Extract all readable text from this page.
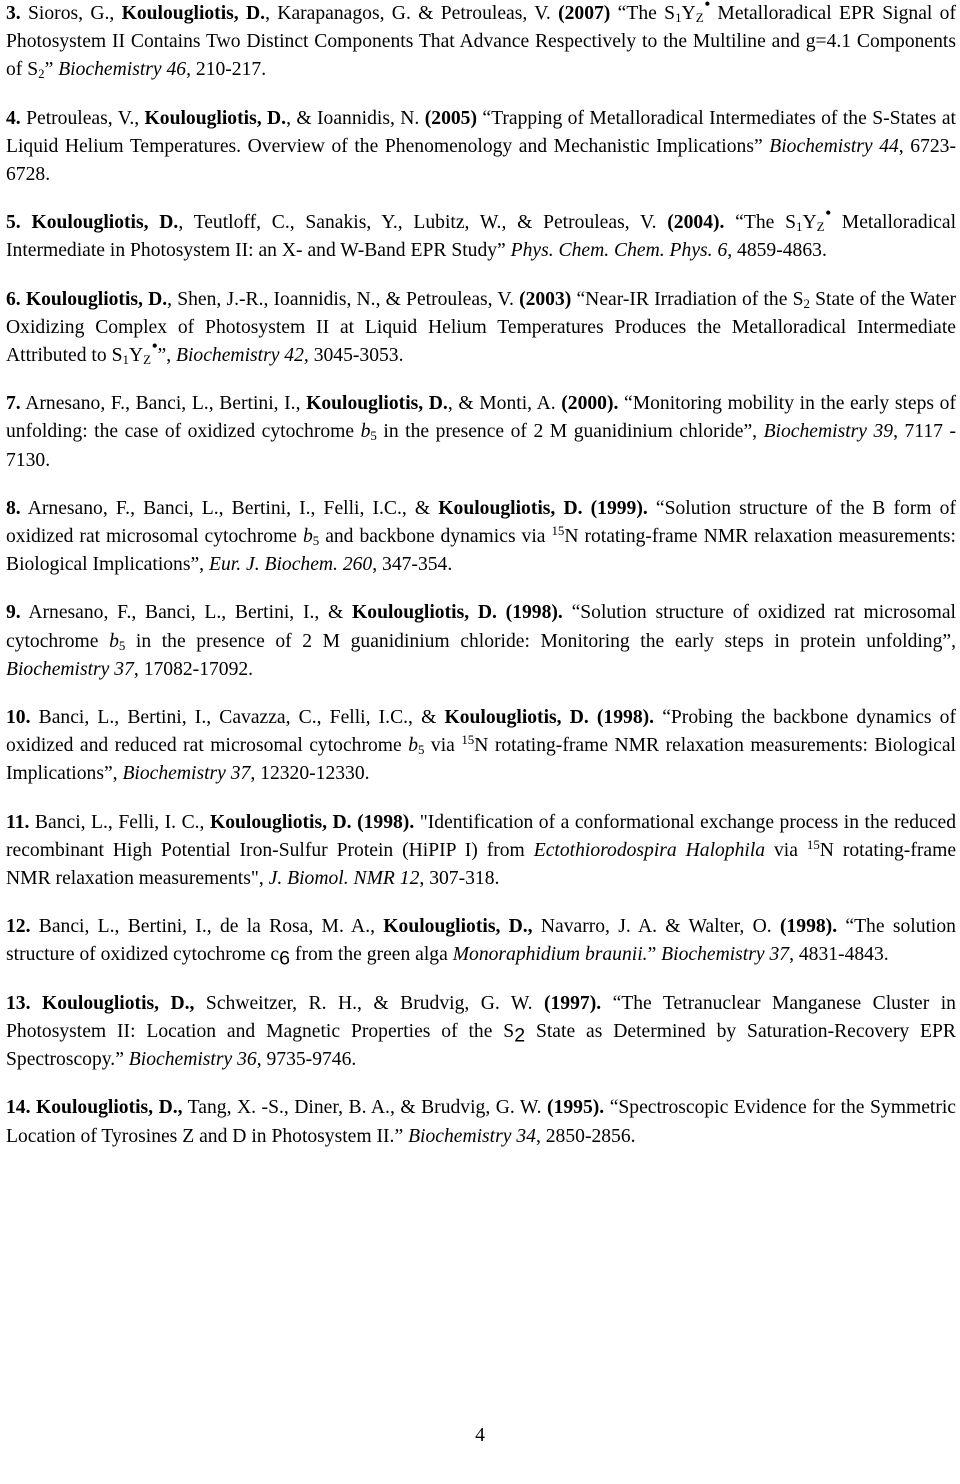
3. Sioros, G., Koulougliotis, D., Karapanagos, G. & Petrouleas, V. (2007) “The $S_1Y_Z^•$ Metalloradical EPR Signal of Photosystem II Contains Two Distinct Components That Advance Respectively to the Multiline and g=4.1 Components of $S_2$” Biochemistry 46, 210-217.

4. Petrouleas, V., Koulougliotis, D., & Ioannidis, N. (2005) “Trapping of Metalloradical Intermediates of the S-States at Liquid Helium Temperatures. Overview of the Phenomenology and Mechanistic Implications” Biochemistry 44, 6723-6728.

5. Koulougliotis, D., Teutloff, C., Sanakis, Y., Lubitz, W., & Petrouleas, V. (2004). “The $S_1Y_Z^•$ Metalloradical Intermediate in Photosystem II: an X- and W-Band EPR Study” Phys. Chem. Chem. Phys. 6, 4859-4863.

6. Koulougliotis, D., Shen, J.-R., Ioannidis, N., & Petrouleas, V. (2003) “Near-IR Irradiation of the $S_2$ State of the Water Oxidizing Complex of Photosystem II at Liquid Helium Temperatures Produces the Metalloradical Intermediate Attributed to $S_1Y_Z^•$”, Biochemistry 42, 3045-3053.

7. Arnesano, F., Banci, L., Bertini, I., Koulougliotis, D., & Monti, A. (2000). “Monitoring mobility in the early steps of unfolding: the case of oxidized cytochrome $b_5$ in the presence of 2 M guanidinium chloride”, Biochemistry 39, 7117 - 7130.

8. Arnesano, F., Banci, L., Bertini, I., Felli, I.C., & Koulougliotis, D. (1999). “Solution structure of the B form of oxidized rat microsomal cytochrome $b_5$ and backbone dynamics via $^{15}$N rotating-frame NMR relaxation measurements: Biological Implications”, Eur. J. Biochem. 260, 347-354.

9. Arnesano, F., Banci, L., Bertini, I., & Koulougliotis, D. (1998). “Solution structure of oxidized rat microsomal cytochrome $b_5$ in the presence of 2 M guanidinium chloride: Monitoring the early steps in protein unfolding”, Biochemistry 37, 17082-17092.

10. Banci, L., Bertini, I., Cavazza, C., Felli, I.C., & Koulougliotis, D. (1998). “Probing the backbone dynamics of oxidized and reduced rat microsomal cytochrome $b_5$ via $^{15}$N rotating-frame NMR relaxation measurements: Biological Implications”, Biochemistry 37, 12320-12330.

11. Banci, L., Felli, I. C., Koulougliotis, D. (1998). "Identification of a conformational exchange process in the reduced recombinant High Potential Iron-Sulfur Protein (HiPIP I) from Ectothiorodospira Halophila via $^{15}$N rotating-frame NMR relaxation measurements", J. Biomol. NMR 12, 307-318.

12. Banci, L., Bertini, I., de la Rosa, M. A., Koulougliotis, D., Navarro, J. A. & Walter, O. (1998). “The solution structure of oxidized cytochrome $c_6$ from the green alga Monoraphidium braunii.” Biochemistry 37, 4831-4843.

13. Koulougliotis, D., Schweitzer, R. H., & Brudvig, G. W. (1997). “The Tetranuclear Manganese Cluster in Photosystem II: Location and Magnetic Properties of the $S_2$ State as Determined by Saturation-Recovery EPR Spectroscopy.” Biochemistry 36, 9735-9746.

14. Koulougliotis, D., Tang, X. -S., Diner, B. A., & Brudvig, G. W. (1995). “Spectroscopic Evidence for the Symmetric Location of Tyrosines Z and D in Photosystem II.” Biochemistry 34, 2850-2856.

4
